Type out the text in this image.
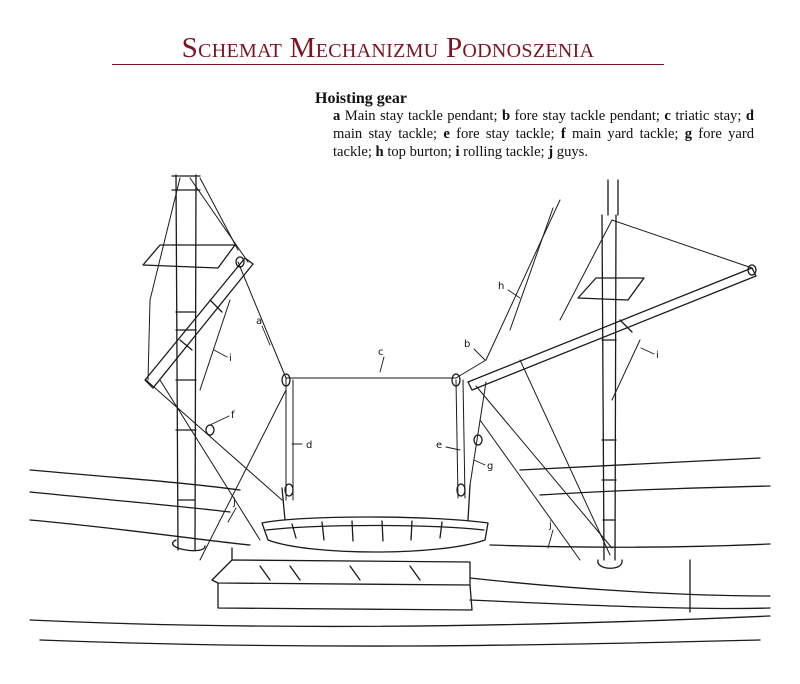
Schemat Mechanizmu Podnoszenia
Hoisting gear
a Main stay tackle pendant; b fore stay tackle pendant; c triatic stay; d main stay tackle; e fore stay tackle; f main yard tackle; g fore yard tackle; h top burton; i rolling tackle; j guys.
a
b
c
d	e
f
g
h
i	i
j
j
